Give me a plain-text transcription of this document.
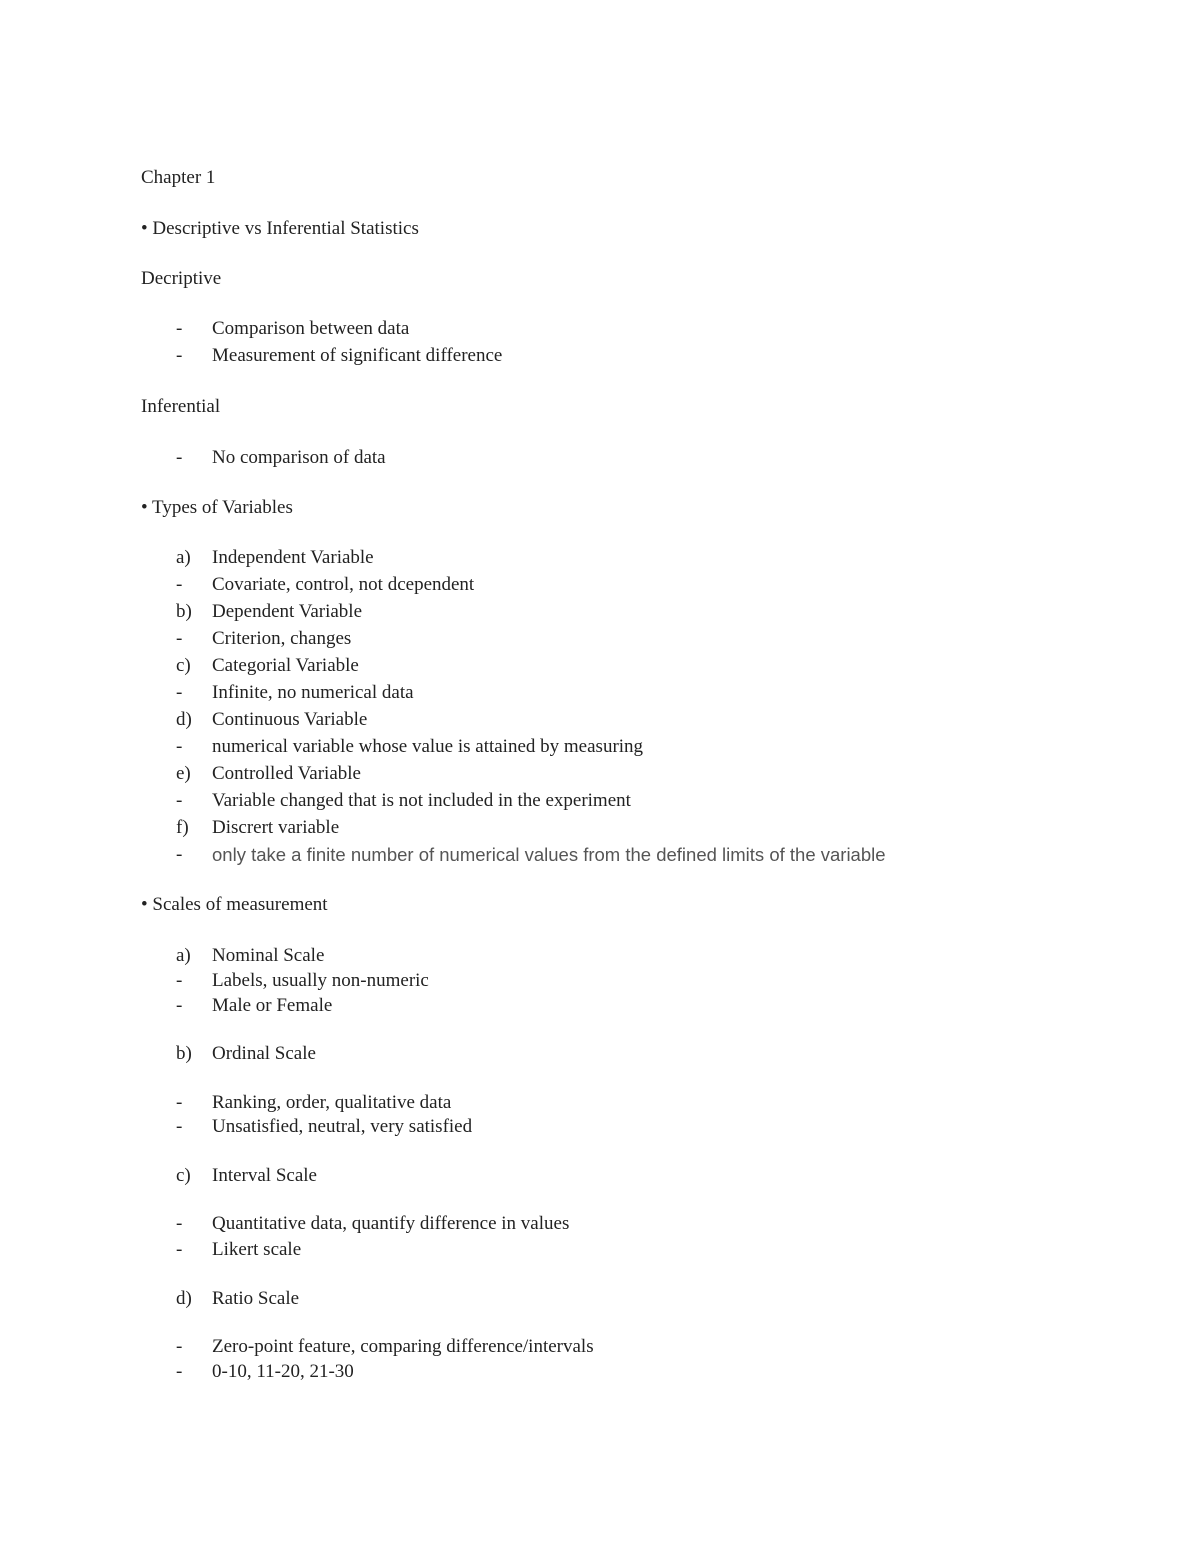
Chapter 1
• Descriptive vs Inferential Statistics
Decriptive
- Comparison between data
- Measurement of significant difference
Inferential
- No comparison of data
• Types of Variables
a) Independent Variable
- Covariate, control, not dcependent
b) Dependent Variable
- Criterion, changes
c) Categorial Variable
- Infinite, no numerical data
d) Continuous Variable
- numerical variable whose value is attained by measuring
e) Controlled Variable
- Variable changed that is not included in the experiment
f) Discrert variable
- only take a finite number of numerical values from the defined limits of the variable
• Scales of measurement
a) Nominal Scale
- Labels, usually non-numeric
- Male or Female
b) Ordinal Scale
- Ranking, order, qualitative data
- Unsatisfied, neutral, very satisfied
c) Interval Scale
- Quantitative data, quantify difference in values
- Likert scale
d) Ratio Scale
- Zero-point feature, comparing difference/intervals
- 0-10, 11-20, 21-30
